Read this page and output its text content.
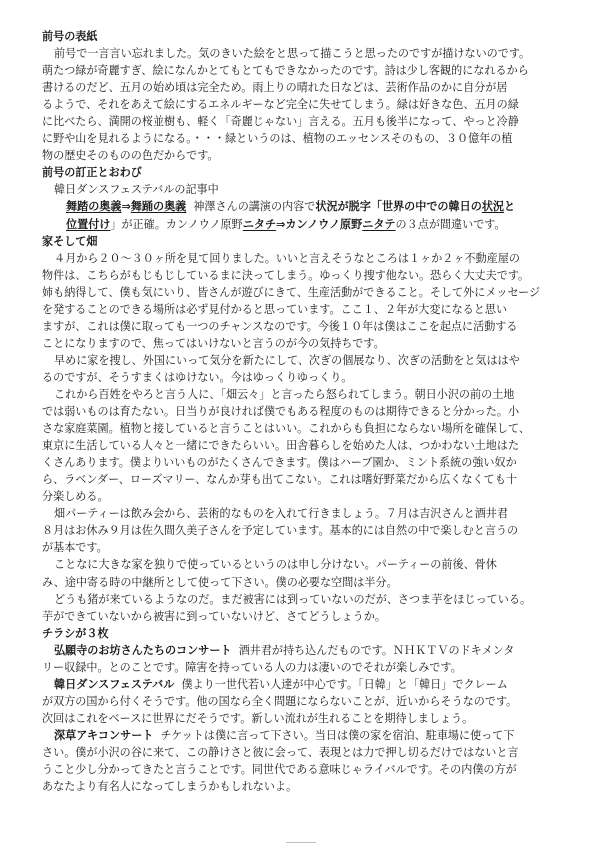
前号の表紙
前号で一言言い忘れました。気のきいた絵をと思って描こうと思ったのですが描けないのです。
萌たつ緑が奇麗すぎ、絵になんかとてもとてもできなかったのです。詩は少し客観的になれるから
書けるのだど、五月の始め頃は完全ため。雨上りの晴れた日などは、芸術作品のかに自分が居
るようで、それをあえて絵にするエネルギーなど完全に失せてしまう。緑は好きな色、五月の緑
に比べたら、満開の桜並樹も、軽く「奇麗じゃない」言える。五月も後半になって、やっと冷静
に野や山を見れるようになる。・・・緑というのは、植物のエッセンスそのもの、３０億年の植
物の歴史そのものの色だからです。
前号の訂正とおわび
韓日ダンスフェステバルの記事中
舞踏の奥義⇒舞踊の奥義 神澤さんの講演の内容で状況が脱字「世界の中での韓日の状況と
位置付け」が正確。カンノウノ原野ニタチ⇒カンノウノ原野ニタテの３点が間違いです。
家そして畑
４月から２０～３０ヶ所を見て回りました。いいと言えそうなところは１ヶか２ヶ不動産屋の
物件は、こちらがもじもじしているまに決ってしまう。ゆっくり捜す他ない。恐らく大丈夫です。
姉も納得して、僕も気にいり、皆さんが遊びにきて、生産活動ができること。そして外にメッセージ
を発することのできる場所は必ず見付かると思っています。ここ１、２年が大変になると思い
ますが、これは僕に取っても一つのチャンスなのです。今後１０年は僕はここを起点に活動する
ことになりますので、焦ってはいけないと言うのが今の気持ちです。
早めに家を捜し、外国にいって気分を新たにして、次ぎの個展なり、次ぎの活動をと気ははや
るのですが、そうすまくはゆけない。今はゆっくりゆっくり。
これから百姓をやろと言う人に、「畑云々」と言ったら怒られてしまう。朝日小沢の前の土地
では弱いものは育たない。日当りが良ければ僕でもある程度のものは期待できると分かった。小
さな家庭菜園。植物と接していると言うことはいい。これからも負担にならない場所を確保して、
東京に生活している人々と一緒にできたらいい。田舎暮らしを始めた人は、つかわない土地はた
くさんあります。僕よりいいものがたくさんできます。僕はハーブ園か、ミント系統の強い奴か
ら、ラベンダー、ローズマリー、なんか芽も出てこない。これは嗜好野菜だから広くなくても十
分楽しめる。
畑パーティーは飲み会から、芸術的なものを入れて行きましょう。７月は吉沢さんと酒井君
８月はお休み９月は佐久間久美子さんを予定しています。基本的には自然の中で楽しむと言うの
が基本です。
ことなに大きな家を独りで使っているというのは申し分けない。パーティーの前後、骨休
み、途中寄る時の中継所として使って下さい。僕の必要な空間は半分。
どうも猪が来ているようなのだ。まだ被害には到っていないのだが、さつま芋をほじっている。
芋ができていないから被害に到っていないけど、さてどうしょうか。
チラシが３枚
弘願寺のお坊さんたちのコンサート 酒井君が持ち込んだものです。ＮＨＫＴＶのドキメンタ
リー収録中。とのことです。障害を持っている人の力は凄いのでそれが楽しみです。
韓日ダンスフェステバル 僕より一世代若い人達が中心です。「日韓」と「韓日」でクレーム
が双方の国から付くそうです。他の国なら全く問題にならないことが、近いからそうなのです。
次回はこれをベースに世界にだそうです。新しい流れが生れることを期待しましょう。
深草アキコンサート チケットは僕に言って下さい。当日は僕の家を宿泊、駐車場に使って下
さい。僕が小沢の谷に来て、この静けさと彼に会って、表現とは力で押し切るだけではないと言
うこと少し分かってきたと言うことです。同世代である意味じゃライバルです。その内僕の方が
あなたより有名人になってしまうかもしれないよ。
